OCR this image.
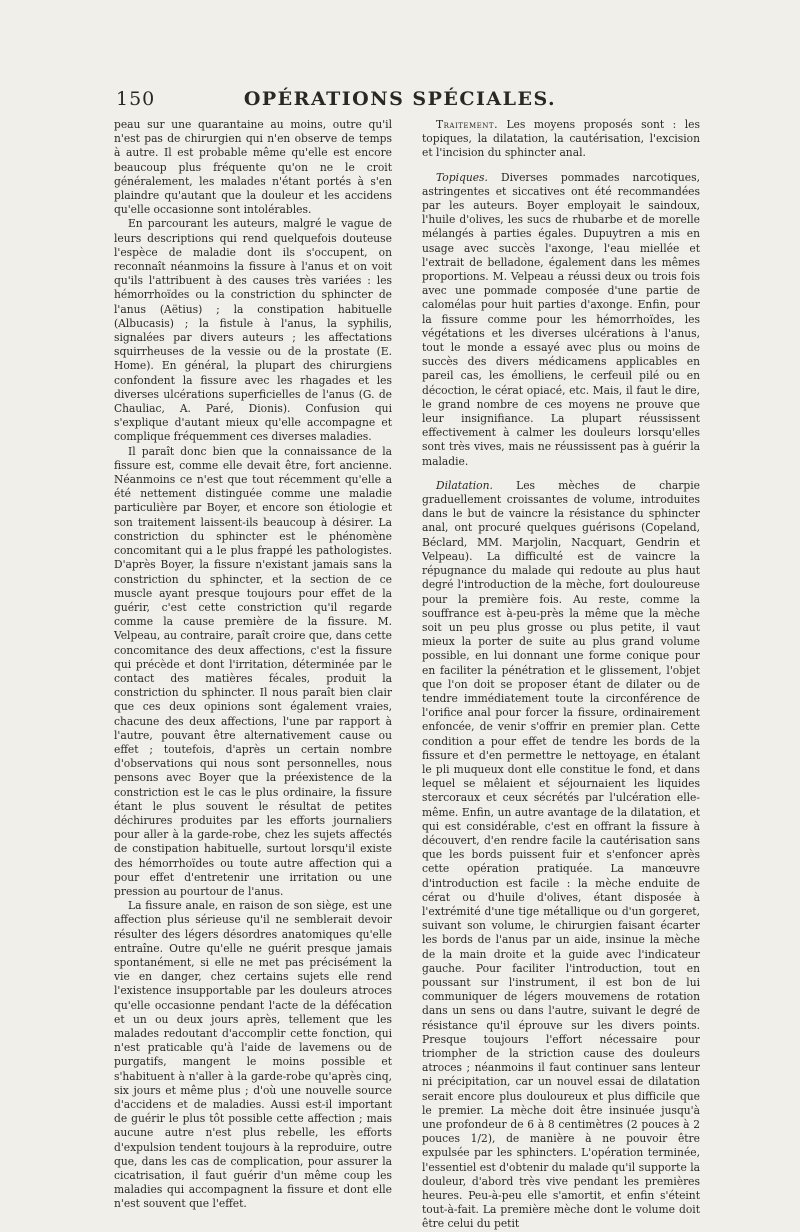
150	OPÉRATIONS SPÉCIALES.

peau sur une quarantaine au moins, outre qu'il n'est pas de chirurgien qui n'en observe de temps à autre. Il est probable même qu'elle est encore beaucoup plus fréquente qu'on ne le croit généralement, les malades n'étant portés à s'en plaindre qu'autant que la douleur et les accidens qu'elle occasionne sont intolérables.

En parcourant les auteurs, malgré le vague de leurs descriptions qui rend quelquefois douteuse l'espèce de maladie dont ils s'occupent, on reconnaît néanmoins la fissure à l'anus et on voit qu'ils l'attribuent à des causes très variées : les hémorrhoïdes ou la constriction du sphincter de l'anus (Aëtius) ; la constipation habituelle (Albucasis) ; la fistule à l'anus, la syphilis, signalées par divers auteurs ; les affectations squirrheuses de la vessie ou de la prostate (E. Home). En général, la plupart des chirurgiens confondent la fissure avec les rhagades et les diverses ulcérations superficielles de l'anus (G. de Chauliac, A. Paré, Dionis). Confusion qui s'explique d'autant mieux qu'elle accompagne et complique fréquemment ces diverses maladies.

Il paraît donc bien que la connaissance de la fissure est, comme elle devait être, fort ancienne. Néanmoins ce n'est que tout récemment qu'elle a été nettement distinguée comme une maladie particulière par Boyer, et encore son étiologie et son traitement laissent-ils beaucoup à désirer. La constriction du sphincter est le phénomène concomitant qui a le plus frappé les pathologistes. D'après Boyer, la fissure n'existant jamais sans la constriction du sphincter, et la section de ce muscle ayant presque toujours pour effet de la guérir, c'est cette constriction qu'il regarde comme la cause première de la fissure. M. Velpeau, au contraire, paraît croire que, dans cette concomitance des deux affections, c'est la fissure qui précède et dont l'irritation, déterminée par le contact des matières fécales, produit la constriction du sphincter. Il nous paraît bien clair que ces deux opinions sont également vraies, chacune des deux affections, l'une par rapport à l'autre, pouvant être alternativement cause ou effet ; toutefois, d'après un certain nombre d'observations qui nous sont personnelles, nous pensons avec Boyer que la préexistence de la constriction est le cas le plus ordinaire, la fissure étant le plus souvent le résultat de petites déchirures produites par les efforts journaliers pour aller à la garde-robe, chez les sujets affectés de constipation habituelle, surtout lorsqu'il existe des hémorrhoïdes ou toute autre affection qui a pour effet d'entretenir une irritation ou une pression au pourtour de l'anus.

La fissure anale, en raison de son siège, est une affection plus sérieuse qu'il ne semblerait devoir résulter des légers désordres anatomiques qu'elle entraîne. Outre qu'elle ne guérit presque jamais spontanément, si elle ne met pas précisément la vie en danger, chez certains sujets elle rend l'existence insupportable par les douleurs atroces qu'elle occasionne pendant l'acte de la défécation et un ou deux jours après, tellement que les malades redoutant d'accomplir cette fonction, qui n'est praticable qu'à l'aide de lavemens ou de purgatifs, mangent le moins possible et s'habituent à n'aller à la garde-robe qu'après cinq, six jours et même plus ; d'où une nouvelle source d'accidens et de maladies. Aussi est-il important de guérir le plus tôt possible cette affection ; mais aucune autre n'est plus rebelle, les efforts d'expulsion tendent toujours à la reproduire, outre que, dans les cas de complication, pour assurer la cicatrisation, il faut guérir d'un même coup les maladies qui accompagnent la fissure et dont elle n'est souvent que l'effet.

Traitement. Les moyens proposés sont : les topiques, la dilatation, la cautérisation, l'excision et l'incision du sphincter anal.

Topiques. Diverses pommades narcotiques, astringentes et siccatives ont été recommandées par les auteurs. Boyer employait le saindoux, l'huile d'olives, les sucs de rhubarbe et de morelle mélangés à parties égales. Dupuytren a mis en usage avec succès l'axonge, l'eau miellée et l'extrait de belladone, également dans les mêmes proportions. M. Velpeau a réussi deux ou trois fois avec une pommade composée d'une partie de calomélas pour huit parties d'axonge. Enfin, pour la fissure comme pour les hémorrhoïdes, les végétations et les diverses ulcérations à l'anus, tout le monde a essayé avec plus ou moins de succès des divers médicamens applicables en pareil cas, les émolliens, le cerfeuil pilé ou en décoction, le cérat opiacé, etc. Mais, il faut le dire, le grand nombre de ces moyens ne prouve que leur insignifiance. La plupart réussissent effectivement à calmer les douleurs lorsqu'elles sont très vives, mais ne réussissent pas à guérir la maladie.

Dilatation. Les mèches de charpie graduellement croissantes de volume, introduites dans le but de vaincre la résistance du sphincter anal, ont procuré quelques guérisons (Copeland, Béclard, MM. Marjolin, Nacquart, Gendrin et Velpeau). La difficulté est de vaincre la répugnance du malade qui redoute au plus haut degré l'introduction de la mèche, fort douloureuse pour la première fois. Au reste, comme la souffrance est à-peu-près la même que la mèche soit un peu plus grosse ou plus petite, il vaut mieux la porter de suite au plus grand volume possible, en lui donnant une forme conique pour en faciliter la pénétration et le glissement, l'objet que l'on doit se proposer étant de dilater ou de tendre immédiatement toute la circonférence de l'orifice anal pour forcer la fissure, ordinairement enfoncée, de venir s'offrir en premier plan. Cette condition a pour effet de tendre les bords de la fissure et d'en permettre le nettoyage, en étalant le pli muqueux dont elle constitue le fond, et dans lequel se mêlaient et séjournaient les liquides stercoraux et ceux sécrétés par l'ulcération elle-même. Enfin, un autre avantage de la dilatation, et qui est considérable, c'est en offrant la fissure à découvert, d'en rendre facile la cautérisation sans que les bords puissent fuir et s'enfoncer après cette opération pratiquée. La manœuvre d'introduction est facile : la mèche enduite de cérat ou d'huile d'olives, étant disposée à l'extrémité d'une tige métallique ou d'un gorgeret, suivant son volume, le chirurgien faisant écarter les bords de l'anus par un aide, insinue la mèche de la main droite et la guide avec l'indicateur gauche. Pour faciliter l'introduction, tout en poussant sur l'instrument, il est bon de lui communiquer de légers mouvemens de rotation dans un sens ou dans l'autre, suivant le degré de résistance qu'il éprouve sur les divers points. Presque toujours l'effort nécessaire pour triompher de la striction cause des douleurs atroces ; néanmoins il faut continuer sans lenteur ni précipitation, car un nouvel essai de dilatation serait encore plus douloureux et plus difficile que le premier. La mèche doit être insinuée jusqu'à une profondeur de 6 à 8 centimètres (2 pouces à 2 pouces 1/2), de manière à ne pouvoir être expulsée par les sphincters. L'opération terminée, l'essentiel est d'obtenir du malade qu'il supporte la douleur, d'abord très vive pendant les premières heures. Peu-à-peu elle s'amortit, et enfin s'éteint tout-à-fait. La première mèche dont le volume doit être celui du petit
